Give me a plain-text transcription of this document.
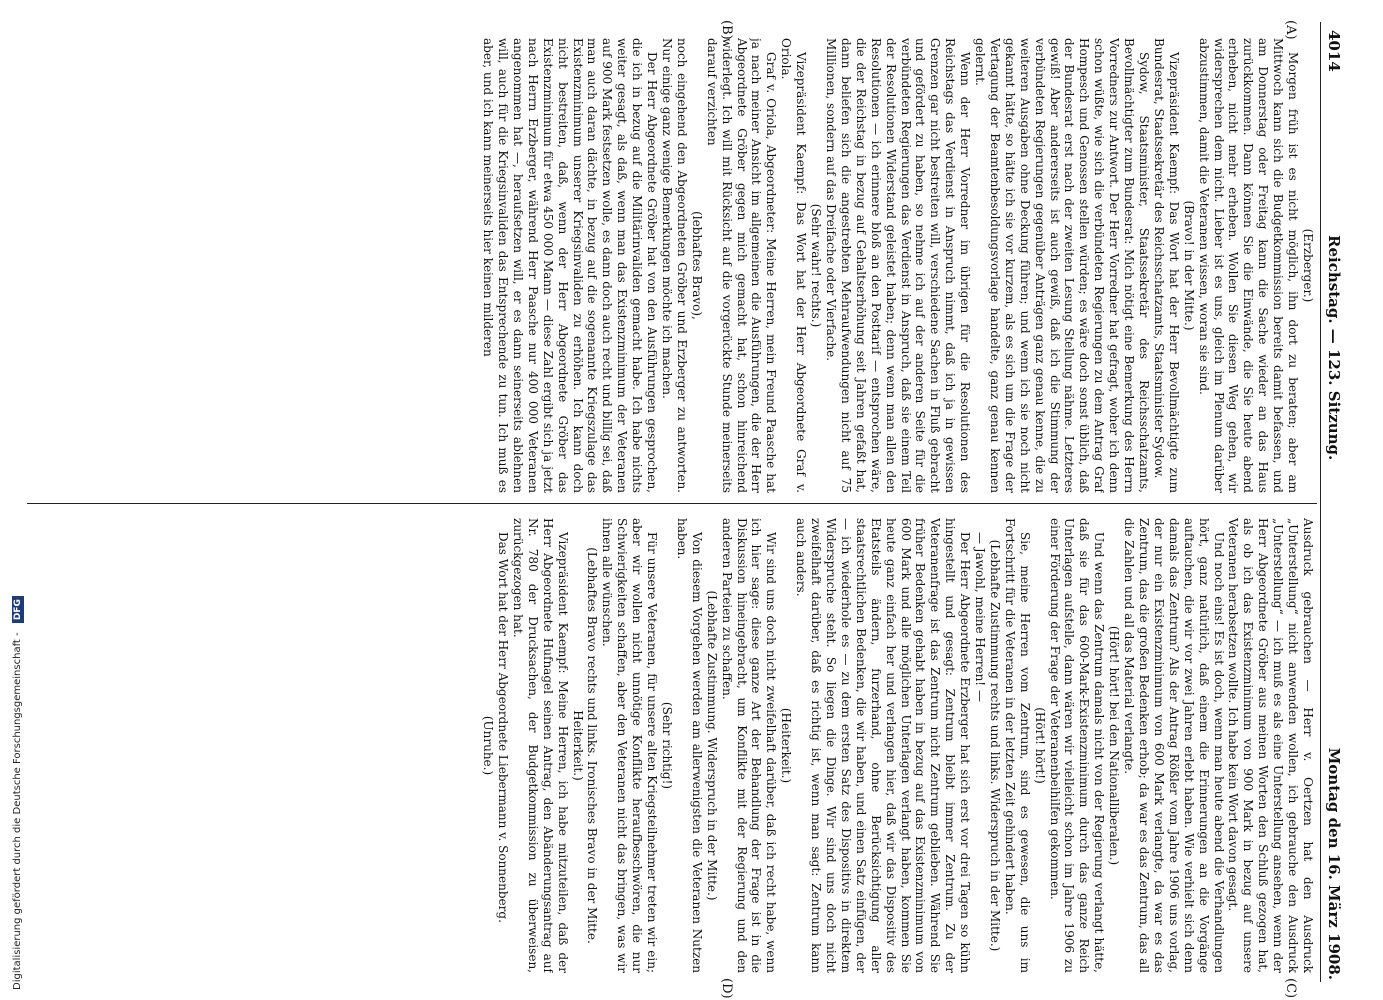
4014
Reichstag. — 123. Sitzung.
Montag den 16. März 1908.
(A)
(B)
(C)
(D)

(Erzberger.)

Morgen früh ist es nicht möglich, ihn dort zu beraten; aber am Mittwoch kann sich die Budgetkommission bereits damit befassen, und am Donnerstag oder Freitag kann die Sache wieder an das Haus zurückkommen. Dann können Sie die Einwände, die Sie heute abend erheben, nicht mehr erheben. Wollen Sie diesen Weg gehen, wir widersprechen dem nicht. Lieber ist es uns, gleich im Plenum darüber abzustimmen, damit die Veteranen wissen, woran sie sind.

(Bravo! in der Mitte.)

Vizepräsident Kaempf: Das Wort hat der Herr Bevollmächtigte zum Bundesrat, Staatssekretär des Reichsschatzamts, Staatsminister Sydow.

Sydow, Staatsminister, Staatssekretär des Reichsschatzamts, Bevollmächtigter zum Bundesrat: Mich nötigt eine Bemerkung des Herrn Vorredners zur Antwort. Der Herr Vorredner hat gefragt, woher ich denn schon wüßte, wie sich die verbündeten Regierungen zu dem Antrag Graf Hompesch und Genossen stellen würden; es wäre doch sonst üblich, daß der Bundesrat erst nach der zweiten Lesung Stellung nähme. Letzteres gewiß! Aber andererseits ist auch gewiß, daß ich die Stimmung der verbündeten Regierungen gegenüber Anträgen ganz genau kenne, die zu weiteren Ausgaben ohne Deckung führen; und wenn ich sie noch nicht gekannt hätte, so hätte ich sie vor kurzem, als es sich um die Frage der Vertagung der Beamtenbesoldungsvorlage handelte, ganz genau kennen gelernt.

Wenn der Herr Vorredner im übrigen für die Resolutionen des Reichstags das Verdienst in Anspruch nimmt, daß ich ja in gewissen Grenzen gar nicht bestreiten will, verschiedene Sachen in Fluß gebracht und gefördert zu haben, so nehme ich auf der anderen Seite für die verbündeten Regierungen das Verdienst in Anspruch, daß sie einem Teil der Resolutionen Widerstand geleistet haben; denn wenn man allen den Resolutionen — ich erinnere bloß an den Posttarif — entsprochen wäre, die der Reichstag in bezug auf Gehaltserhöhung seit Jahren gefaßt hat, dann beliefen sich die angestrebten Mehraufwendungen nicht auf 75 Millionen, sondern auf das Dreifache oder Vierfache.

(Sehr wahr! rechts.)

Vizepräsident Kaempf: Das Wort hat der Herr Abgeordnete Graf v. Oriola.

Graf v. Oriola, Abgeordneter: Meine Herren, mein Freund Paasche hat ja nach meiner Ansicht im allgemeinen die Ausführungen, die der Herr Abgeordnete Gröber gegen mich gemacht hat, schon hinreichend widerlegt. Ich will mit Rücksicht auf die vorgerückte Stunde meinerseits darauf verzichten

(lebhaftes Bravo),

noch eingehend den Abgeordneten Gröber und Erzberger zu antworten. Nur einige ganz wenige Bemerkungen möchte ich machen.

Der Herr Abgeordnete Gröber hat von den Ausführungen gesprochen, die ich in bezug auf die Militärinvaliden gemacht habe. Ich habe nichts weiter gesagt, als daß, wenn man das Existenzminimum der Veteranen auf 900 Mark festsetzen wolle, es dann doch auch recht und billig sei, daß man auch daran dächte, in bezug auf die sogenannte Kriegszulage das Existenzminimum unserer Kriegsinvaliden zu erhöhen. Ich kann doch nicht bestreiten, daß, wenn der Herr Abgeordnete Gröber das Existenzminimum für etwa 450 000 Mann — diese Zahl ergibt sich ja jetzt nach Herrn Erzberger, während Herr Paasche nur 400 000 Veteranen angenommen hat —, heraufsetzen will, er es dann seinerseits ablehnen will, auch für die Kriegsinvaliden das Entsprechende zu tun. Ich muß es aber, und ich kann meinerseits hier keinen milderen

Ausdruck gebrauchen — Herr v. Oertzen hat den Ausdruck „Unterstellung“ nicht anwenden wollen, ich gebrauche den Ausdruck „Unterstellung“ — ich muß es als eine Unterstellung ansehen, wenn der Herr Abgeordnete Gröber aus meinen Worten den Schluß gezogen hat, als ob ich das Existenzminimum von 900 Mark in bezug auf unsere Veteranen herabsetzen wollte. Ich habe kein Wort davon gesagt.

Und noch eins! Es ist doch, wenn man heute abend die Verhandlungen hört, ganz natürlich, daß einem die Erinnerungen an die Vorgänge auftauchen, die wir vor zwei Jahren erlebt haben. Wie verhielt sich denn damals das Zentrum? Als der Antrag Rößler vom Jahre 1906 uns vorlag, der nur ein Existenzminimum von 600 Mark verlangte, da war es das Zentrum, das die großen Bedenken erhob; da war es das Zentrum, das all die Zahlen und all das Material verlangte.

(Hört! hört! bei den Nationalliberalen.)

Und wenn das Zentrum damals nicht von der Regierung verlangt hätte, daß sie für das 600-Mark-Existenzminimum durch das ganze Reich Unterlagen aufstelle, dann wären wir vielleicht schon im Jahre 1906 zu einer Förderung der Frage der Veteranenbeihilfen gekommen.

(Hört! hört!)

Sie, meine Herren vom Zentrum, sind es gewesen, die uns im Fortschritt für die Veteranen in der letzten Zeit gehindert haben.

(Lebhafte Zustimmung rechts und links. Widerspruch in der Mitte.)

— Jawohl, meine Herren! —

Der Herr Abgeordnete Erzberger hat sich erst vor drei Tagen so kühn hingestellt und gesagt: Zentrum bleibt immer Zentrum. Zu der Veteranenfrage ist das Zentrum nicht Zentrum geblieben. Während Sie früher Bedenken gehabt haben in bezug auf das Existenzminimum von 600 Mark und alle möglichen Unterlagen verlangt haben, kommen Sie heute ganz einfach her und verlangen hier, daß wir das Dispositiv des Etatsteils ändern, furzerhand, ohne Berücksichtigung aller staatsrechtlichen Bedenken, die wir haben, und einen Satz einfügen, der — ich wiederhole es — zu dem ersten Satz des Dispositivs in direktem Widerspruche steht. So liegen die Dinge. Wir sind uns doch nicht zweifelhaft darüber, daß es richtig ist, wenn man sagt: Zentrum kann auch anders.

(Heiterkeit.)

Wir sind uns doch nicht zweifelhaft darüber, daß ich recht habe, wenn ich hier sage: diese ganze Art der Behandlung der Frage ist in die Diskussion hineingebracht, um Konflikte mit der Regierung und den anderen Parteien zu schaffen.

(Lebhafte Zustimmung. Widerspruch in der Mitte.)

Von diesem Vorgehen werden am allerwenigsten die Veteranen Nutzen haben.

(Sehr richtig!)

Für unsere Veteranen, für unsere alten Kriegsteilnehmer treten wir ein; aber wir wollen nicht unnötige Konflikte heraufbeschwören, die nur Schwierigkeiten schaffen, aber den Veteranen nicht das bringen, was wir ihnen alle wünschen.

(Lebhaftes Bravo rechts und links. Ironisches Bravo in der Mitte. Heiterkeit.)

Vizepräsident Kaempf: Meine Herren, ich habe mitzuteilen, daß der Herr Abgeordnete Hufnagel seinen Antrag, den Abänderungsantrag auf Nr. 780 der Drucksachen, der Budgetkommission zu überweisen, zurückgezogen hat.

Das Wort hat der Herr Abgeordnete Liebermann v. Sonnenberg.

(Unruhe.)

Digitalisierung gefördert durch die Deutsche Forschungsgemeinschaft - DFG
